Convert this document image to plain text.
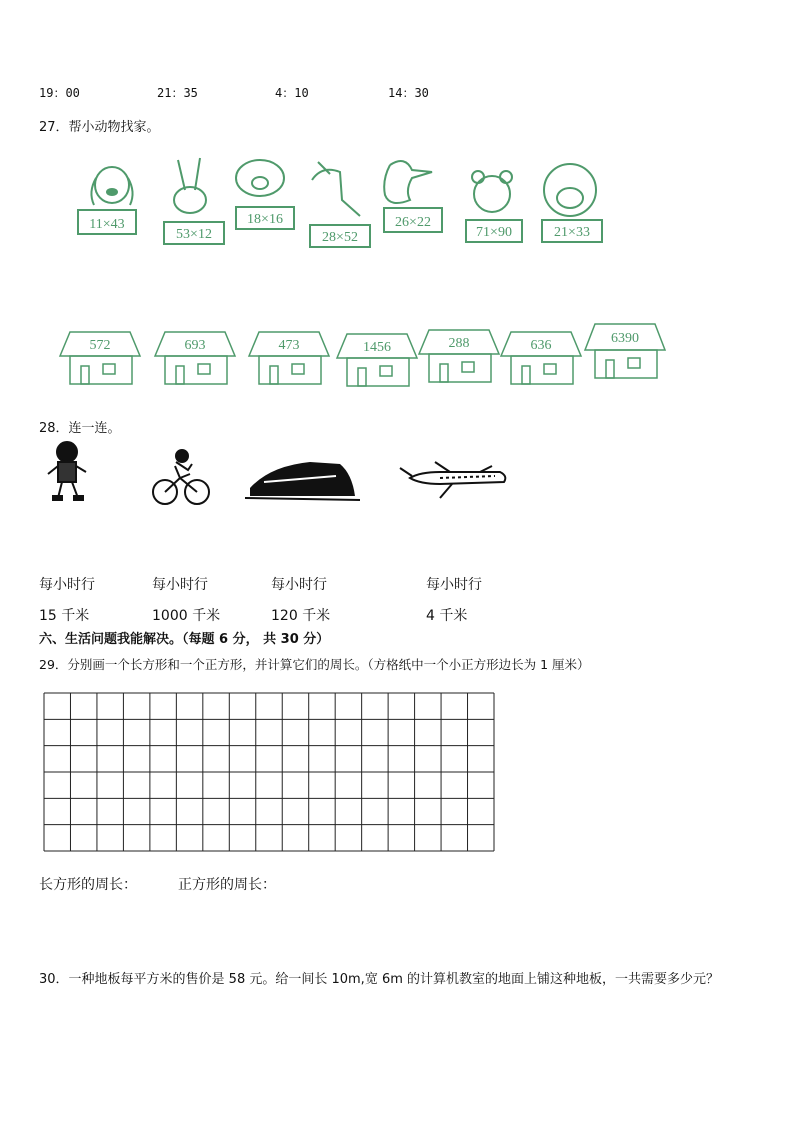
19：00	21：35	4：10	14：30
27．帮小动物找家。
11×43
53×12
18×16
28×52
26×22
71×90	21×33
572	693	473	1456	288	636	6390
28．连一连。
每小时行	每小时行	每小时行	每小时行
15 千米	1000 千米	120 千米	4 千米
六、生活问题我能解决。（每题 6 分， 共 30 分）
29．分别画一个长方形和一个正方形，并计算它们的周长。（方格纸中一个小正方形边长为 1 厘米）
长方形的周长：	正方形的周长：
30．一种地板每平方米的售价是 58 元。给一间长 10m,宽 6m 的计算机教室的地面上铺这种地板，一共需要多少元？
